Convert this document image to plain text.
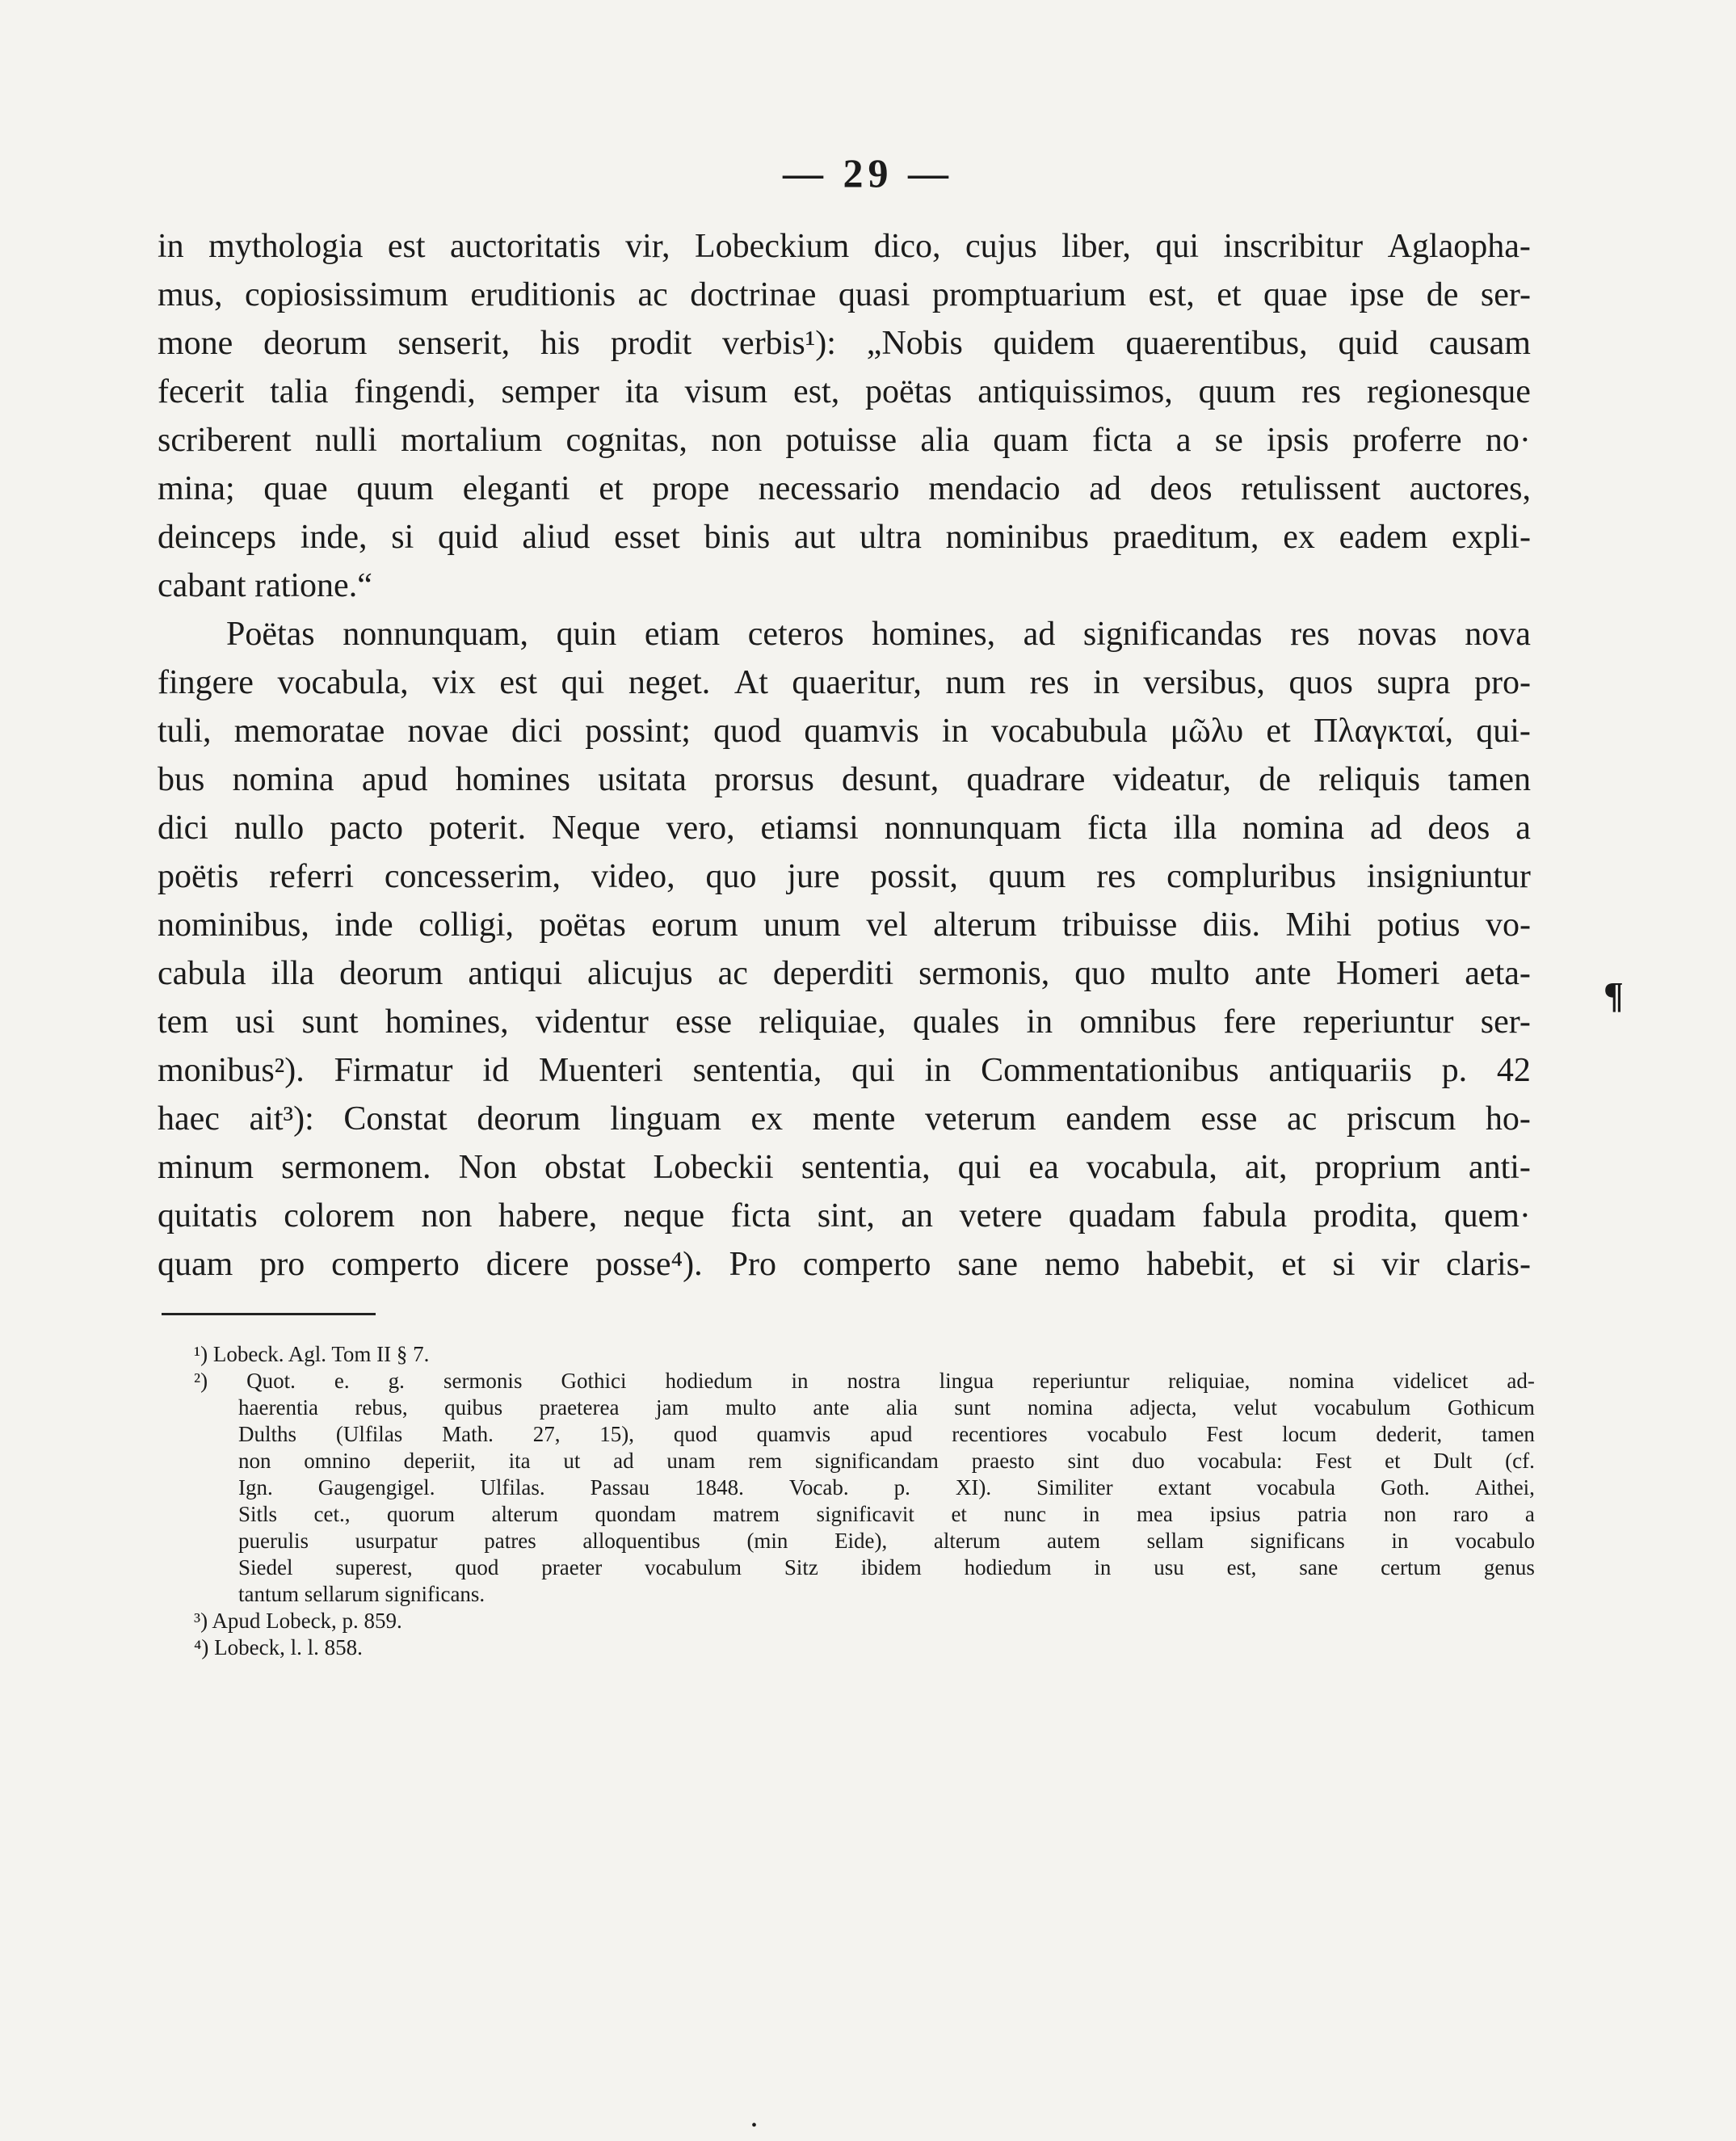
— 29 —
in mythologia est auctoritatis vir, Lobeckium dico, cujus liber, qui inscribitur Aglaopha-
mus, copiosissimum eruditionis ac doctrinae quasi promptuarium est, et quae ipse de ser-
mone deorum senserit, his prodit verbis¹): „Nobis quidem quaerentibus, quid causam
fecerit talia fingendi, semper ita visum est, poëtas antiquissimos, quum res regionesque
scriberent nulli mortalium cognitas, non potuisse alia quam ficta a se ipsis proferre no·
mina; quae quum eleganti et prope necessario mendacio ad deos retulissent auctores,
deinceps inde, si quid aliud esset binis aut ultra nominibus praeditum, ex eadem expli-
cabant ratione.“
Poëtas nonnunquam, quin etiam ceteros homines, ad significandas res novas nova
fingere vocabula, vix est qui neget. At quaeritur, num res in versibus, quos supra pro-
tuli, memoratae novae dici possint; quod quamvis in vocabubula μῶλυ et Πλαγκταί, qui-
bus nomina apud homines usitata prorsus desunt, quadrare videatur, de reliquis tamen
dici nullo pacto poterit. Neque vero, etiamsi nonnunquam ficta illa nomina ad deos a
poëtis referri concesserim, video, quo jure possit, quum res compluribus insigniuntur
nominibus, inde colligi, poëtas eorum unum vel alterum tribuisse diis. Mihi potius vo-
cabula illa deorum antiqui alicujus ac deperditi sermonis, quo multo ante Homeri aeta-
tem usi sunt homines, videntur esse reliquiae, quales in omnibus fere reperiuntur ser-
monibus²). Firmatur id Muenteri sententia, qui in Commentationibus antiquariis p. 42
haec ait³): Constat deorum linguam ex mente veterum eandem esse ac priscum ho-
minum sermonem. Non obstat Lobeckii sententia, qui ea vocabula, ait, proprium anti-
quitatis colorem non habere, neque ficta sint, an vetere quadam fabula prodita, quem·
quam pro comperto dicere posse⁴). Pro comperto sane nemo habebit, et si vir claris-
¶
¹) Lobeck. Agl. Tom II § 7.
²) Quot. e. g. sermonis Gothici hodiedum in nostra lingua reperiuntur reliquiae, nomina videlicet ad-
haerentia rebus, quibus praeterea jam multo ante alia sunt nomina adjecta, velut vocabulum Gothicum
Dulths (Ulfilas Math. 27, 15), quod quamvis apud recentiores vocabulo Fest locum dederit, tamen
non omnino deperiit, ita ut ad unam rem significandam praesto sint duo vocabula: Fest et Dult (cf.
Ign. Gaugengigel. Ulfilas. Passau 1848. Vocab. p. XI). Similiter extant vocabula Goth. Aithei,
Sitls cet., quorum alterum quondam matrem significavit et nunc in mea ipsius patria non raro a
puerulis usurpatur patres alloquentibus (min Eide), alterum autem sellam significans in vocabulo
Siedel superest, quod praeter vocabulum Sitz ibidem hodiedum in usu est, sane certum genus
tantum sellarum significans.
³) Apud Lobeck, p. 859.
⁴) Lobeck, l. l. 858.
•
